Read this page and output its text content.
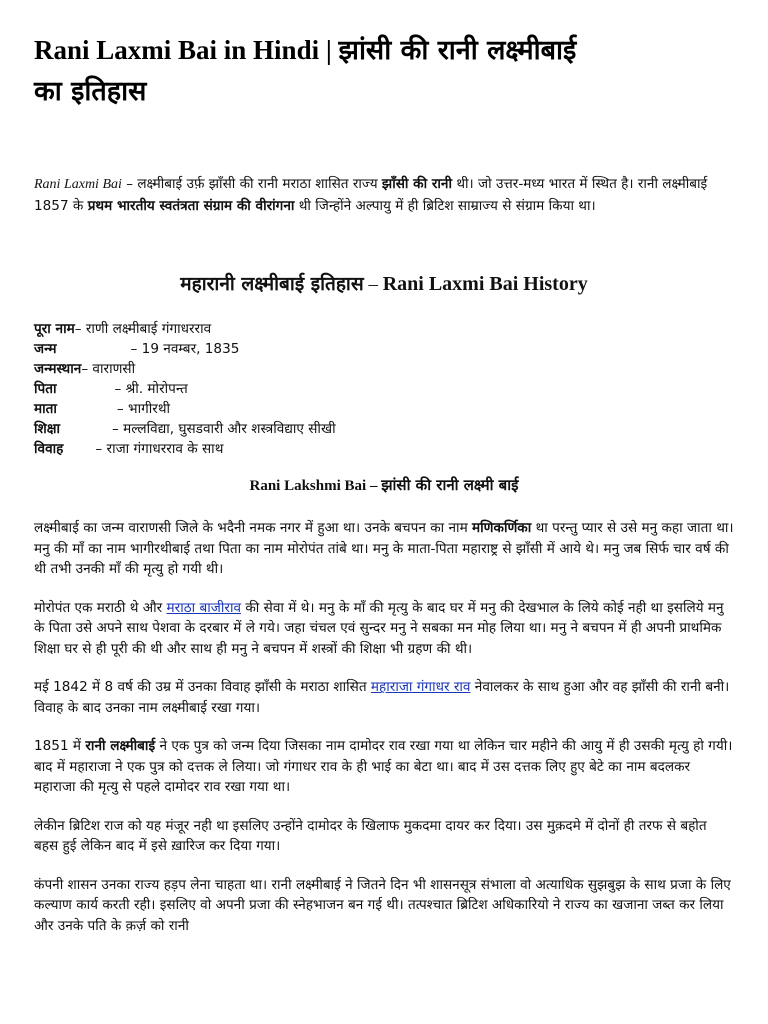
Rani Laxmi Bai in Hindi | झांसी की रानी लक्ष्मीबाई
का इतिहास

Rani Laxmi Bai – लक्ष्मीबाई उर्फ़ झाँसी की रानी मराठा शासित राज्य झाँसी की रानी थी। जो उत्तर-मध्य भारत में स्थित है। रानी लक्ष्मीबाई 1857 के प्रथम भारतीय स्वतंत्रता संग्राम की वीरांगना थी जिन्होंने अल्पायु में ही ब्रिटिश साम्राज्य से संग्राम किया था।

महारानी लक्ष्मीबाई इतिहास – Rani Laxmi Bai History
पूरा नाम – राणी लक्ष्मीबाई गंगाधरराव
जन्म	– 19 नवम्बर, 1835
जन्मस्थान – वाराणसी
पिता	– श्री. मोरोपन्त
माता	– भागीरथी
शिक्षा	– मल्लविद्या, घुसडवारी और शस्त्रविद्याए सीखी
विवाह	– राजा गंगाधरराव के साथ
Rani Lakshmi Bai – झांसी की रानी लक्ष्मी बाई

लक्ष्मीबाई का जन्म वाराणसी जिले के भदैनी नमक नगर में हुआ था। उनके बचपन का नाम मणिकर्णिका था परन्तु प्यार से उसे मनु कहा जाता था। मनु की माँ का नाम भागीरथीबाई तथा पिता का नाम मोरोपंत तांबे था। मनु के माता-पिता महाराष्ट्र से झाँसी में आये थे। मनु जब सिर्फ चार वर्ष की थी तभी उनकी माँ की मृत्यु हो गयी थी।

मोरोपंत एक मराठी थे और मराठा बाजीराव की सेवा में थे। मनु के माँ की मृत्यु के बाद घर में मनु की देखभाल के लिये कोई नही था इसलिये मनु के पिता उसे अपने साथ पेशवा के दरबार में ले गये। जहा चंचल एवं सुन्दर मनु ने सबका मन मोह लिया था। मनु ने बचपन में ही अपनी प्राथमिक शिक्षा घर से ही पूरी की थी और साथ ही मनु ने बचपन में शस्त्रों की शिक्षा भी ग्रहण की थी।

मई 1842 में 8 वर्ष की उम्र में उनका विवाह झाँसी के मराठा शासित महाराजा गंगाधर राव नेवालकर के साथ हुआ और वह झाँसी की रानी बनी। विवाह के बाद उनका नाम लक्ष्मीबाई रखा गया।

1851 में रानी लक्ष्मीबाई ने एक पुत्र को जन्म दिया जिसका नाम दामोदर राव रखा गया था लेकिन चार महीने की आयु में ही उसकी मृत्यु हो गयी। बाद में महाराजा ने एक पुत्र को दत्तक ले लिया। जो गंगाधर राव के ही भाई का बेटा था। बाद में उस दत्तक लिए हुए बेटे का नाम बदलकर महाराजा की मृत्यु से पहले दामोदर राव रखा गया था।

लेकीन ब्रिटिश राज को यह मंजूर नही था इसलिए उन्होंने दामोदर के खिलाफ मुकदमा दायर कर दिया। उस मुक़दमे में दोनों ही तरफ से बहोत बहस हुई लेकिन बाद में इसे ख़ारिज कर दिया गया।

कंपनी शासन उनका राज्य हड़प लेना चाहता था। रानी लक्ष्मीबाई ने जितने दिन भी शासनसूत्र संभाला वो अत्याधिक सुझबुझ के साथ प्रजा के लिए कल्याण कार्य करती रही। इसलिए वो अपनी प्रजा की स्नेहभाजन बन गई थी। तत्पश्चात ब्रिटिश अधिकारियो ने राज्य का खजाना जब्त कर लिया और उनके पति के क़र्ज़ को रानी
